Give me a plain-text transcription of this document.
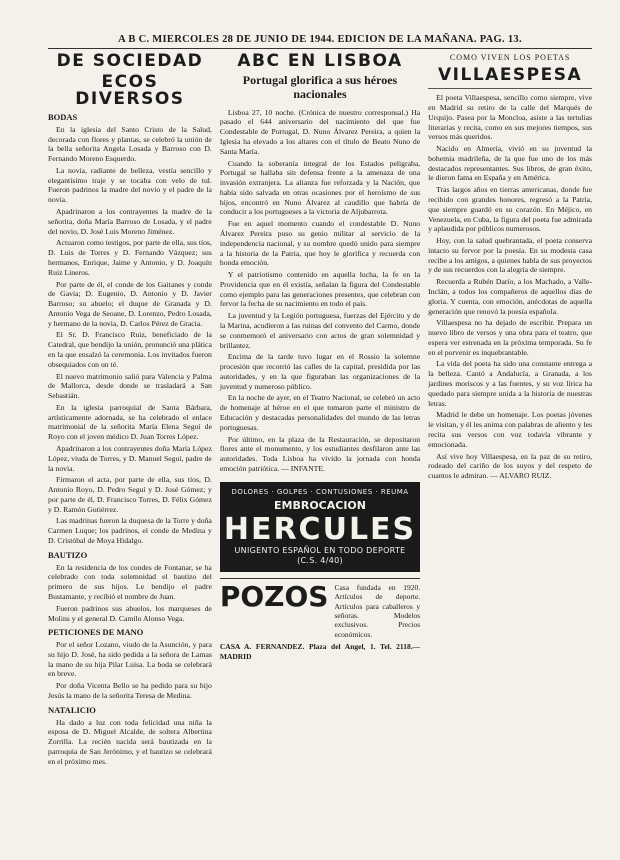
A B C. MIERCOLES 28 DE JUNIO DE 1944. EDICION DE LA MAÑANA. PAG. 13.
DE SOCIEDAD
ECOS DIVERSOS
BODAS

En la iglesia del Santo Cristo de la Salud, decorada con flores y plantas, se celebró la unión de la bella señorita Angela Losada y Barroso con D. Fernando Moreno Esquerdo.

La novia, radiante de belleza, vestía sencillo y elegantísimo traje y se tocaba con velo de tul. Fueron padrinos la madre del novio y el padre de la novia.

Apadrinaron a los contrayentes la madre de la señorita, doña María Barroso de Losada, y el padre del novio, D. José Luis Moreno Jiménez.

Actuaron como testigos, por parte de ella, sus tíos, D. Luis de Torres y D. Fernando Vázquez; sus hermanos, Enrique, Jaime y Antonio, y D. Joaquín Ruiz Lineros.

Por parte de él, el conde de los Gaitanes y conde de Gavia; D. Eugenio, D. Antonio y D. Javier Barroso; su abuelo; el duque de Granada y D. Antonio Vega de Seoane, D. Lorenzo, Pedro Losada, y hermano de la novia, D. Carlos Pérez de Gracia.

El Sr. D. Francisco Ruiz, beneficiado de la Catedral, que bendijo la unión, pronunció una plática en la que ensalzó la ceremonia. Los invitados fueron obsequiados con un té.

El nuevo matrimonio salió para Valencia y Palma de Mallorca, desde donde se trasladará a San Sebastián.

En la iglesia parroquial de Santa Bárbara, artísticamente adornada, se ha celebrado el enlace matrimonial de la señorita María Elena Seguí de Royo con el joven médico D. Juan Torres López.

Apadrinaron a los contrayentes doña María López López, viuda de Torres, y D. Manuel Seguí, padre de la novia.

Firmaron el acta, por parte de ella, sus tíos, D. Antonio Royo, D. Pedro Seguí y D. José Gómez; y por parte de él, D. Francisco Torres, D. Félix Gómez y D. Ramón Gutiérrez.

Las madrinas fueron la duquesa de la Torre y doña Carmen Luque; los padrinos, el conde de Medina y D. Cristóbal de Moya Hidalgo.

BAUTIZO

En la residencia de los condes de Fontanar, se ha celebrado con toda solemnidad el bautizo del primero de sus hijos. Le bendijo el padre Bustamante, y recibió el nombre de Juan.

Fueron padrinos sus abuelos, los marqueses de Molins y el general D. Camilo Alonso Vega.

PETICIONES DE MANO

Por el señor Lozano, viudo de la Asunción, y para su hijo D. José, ha sido pedida a la señora de Lamas la mano de su hija Pilar Luisa. La boda se celebrará en breve.

Por doña Vicenta Bello se ha pedido para su hijo Jesús la mano de la señorita Teresa de Medina.

NATALICIO

Ha dado a luz con toda felicidad una niña la esposa de D. Miguel Alcalde, de soltera Albertina Zorrilla. La recién nacida será bautizada en la parroquia de San Jerónimo, y el bautizo se celebrará en el próximo mes.

ABC EN LISBOA
Portugal glorifica a sus héroes nacionales

Lisboa 27, 10 noche. (Crónica de nuestro corresponsal.) Ha pasado el 644 aniversario del nacimiento del que fue Condestable de Portugal, D. Nuno Álvarez Pereira, a quien la Iglesia ha elevado a los altares con el título de Beato Nuno de Santa María.

Cuando la soberanía integral de los Estados peligraba, Portugal se hallaba sin defensa frente a la amenaza de una invasión extranjera. La alianza fue reforzada y la Nación, que había sido salvada en otras ocasiones por el heroísmo de sus hijos, encontró en Nuno Álvarez al caudillo que habría de conducir a los portugueses a la victoria de Aljubarrota.

Fue en aquel momento cuando el condestable D. Nuno Álvarez Pereira puso su genio militar al servicio de la independencia nacional, y su nombre quedó unido para siempre a la historia de la Patria, que hoy le glorifica y recuerda con honda emoción.

Y el patriotismo contenido en aquella lucha, la fe en la Providencia que en él existía, señalan la figura del Condestable como ejemplo para las generaciones presentes, que celebran con fervor la fecha de su nacimiento en todo el país.

La juventud y la Legión portuguesa, fuerzas del Ejército y de la Marina, acudieron a las ruinas del convento del Carmo, donde se conmemoró el aniversario con actos de gran solemnidad y brillantez.

Encima de la tarde tuvo lugar en el Rossio la solemne procesión que recorrió las calles de la capital, presidida por las autoridades, y en la que figuraban las organizaciones de la juventud y numeroso público.

En la noche de ayer, en el Teatro Nacional, se celebró un acto de homenaje al héroe en el que tomaron parte el ministro de Educación y destacadas personalidades del mundo de las letras portuguesas.

Por último, en la plaza de la Restauración, se depositaron flores ante el monumento, y los estudiantes desfilaron ante las autoridades. Toda Lisboa ha vivido la jornada con honda emoción patriótica. — INFANTE.

DOLORES · GOLPES · CONTUSIONES · REUMA
EMBROCACION
HERCULES
UNIGENTO ESPAÑOL EN TODO DEPORTE (C.S. 4/40)
POZOS Casa fundada en 1920. Artículos de deporte. Artículos para caballeros y señoras. Modelos exclusivos. Precios económicos.
CASA A. FERNANDEZ. Plaza del Angel, 1. Tel. 2118.—MADRID
COMO VIVEN LOS POETAS
VILLAESPESA

El poeta Villaespesa, sencillo como siempre, vive en Madrid su retiro de la calle del Marqués de Urquijo. Pasea por la Moncloa, asiste a las tertulias literarias y recita, como en sus mejores tiempos, sus versos más queridos.

Nacido en Almería, vivió en su juventud la bohemia madrileña, de la que fue uno de los más destacados representantes. Sus libros, de gran éxito, le dieron fama en España y en América.

Tras largos años en tierras americanas, donde fue recibido con grandes honores, regresó a la Patria, que siempre guardó en su corazón. En Méjico, en Venezuela, en Cuba, la figura del poeta fue admirada y aplaudida por públicos numerosos.

Hoy, con la salud quebrantada, el poeta conserva intacto su fervor por la poesía. En su modesta casa recibe a los amigos, a quienes habla de sus proyectos y de sus recuerdos con la alegría de siempre.

Recuerda a Rubén Darío, a los Machado, a Valle-Inclán, a todos los compañeros de aquellos días de gloria. Y cuenta, con emoción, anécdotas de aquella generación que renovó la poesía española.

Villaespesa no ha dejado de escribir. Prepara un nuevo libro de versos y una obra para el teatro, que espera ver estrenada en la próxima temporada. Su fe en el porvenir es inquebrantable.

La vida del poeta ha sido una constante entrega a la belleza. Cantó a Andalucía, a Granada, a los jardines moriscos y a las fuentes, y su voz lírica ha quedado para siempre unida a la historia de nuestras letras.

Madrid le debe un homenaje. Los poetas jóvenes le visitan, y él les anima con palabras de aliento y les recita sus versos con voz todavía vibrante y emocionada.

Así vive hoy Villaespesa, en la paz de su retiro, rodeado del cariño de los suyos y del respeto de cuantos le admiran. — ALVARO RUIZ.
